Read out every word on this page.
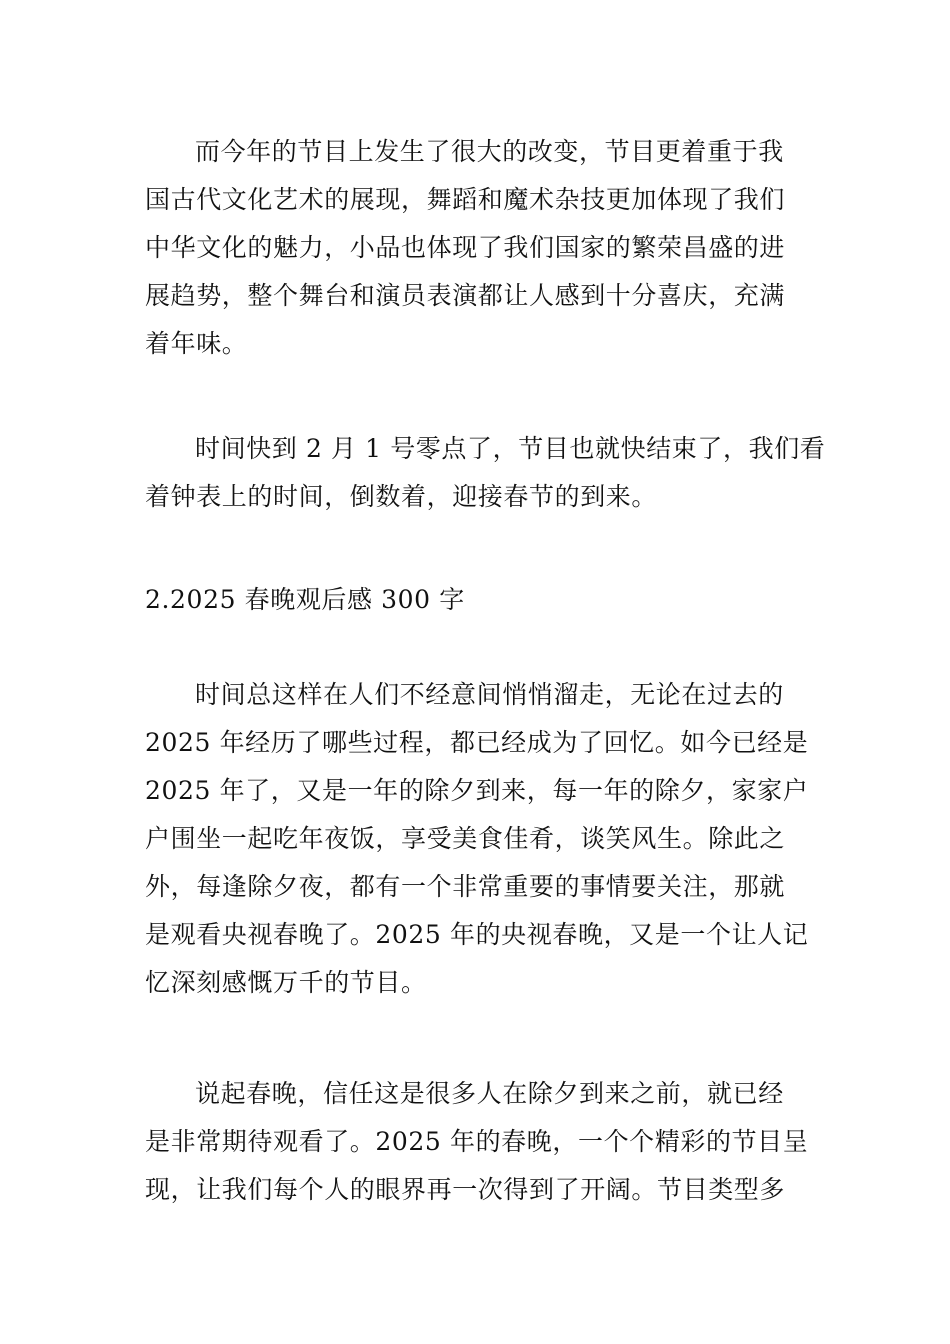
而今年的节目上发生了很大的改变，节目更着重于我
国古代文化艺术的展现，舞蹈和魔术杂技更加体现了我们
中华文化的魅力，小品也体现了我们国家的繁荣昌盛的进
展趋势，整个舞台和演员表演都让人感到十分喜庆，充满
着年味。
时间快到 2 月 1 号零点了，节目也就快结束了，我们看
着钟表上的时间，倒数着，迎接春节的到来。
2.2025 春晚观后感 300 字
时间总这样在人们不经意间悄悄溜走，无论在过去的
2025 年经历了哪些过程，都已经成为了回忆。如今已经是
2025 年了，又是一年的除夕到来，每一年的除夕，家家户
户围坐一起吃年夜饭，享受美食佳肴，谈笑风生。除此之
外，每逢除夕夜，都有一个非常重要的事情要关注，那就
是观看央视春晚了。2025 年的央视春晚，又是一个让人记
忆深刻感慨万千的节目。
说起春晚，信任这是很多人在除夕到来之前，就已经
是非常期待观看了。2025 年的春晚，一个个精彩的节目呈
现，让我们每个人的眼界再一次得到了开阔。节目类型多
